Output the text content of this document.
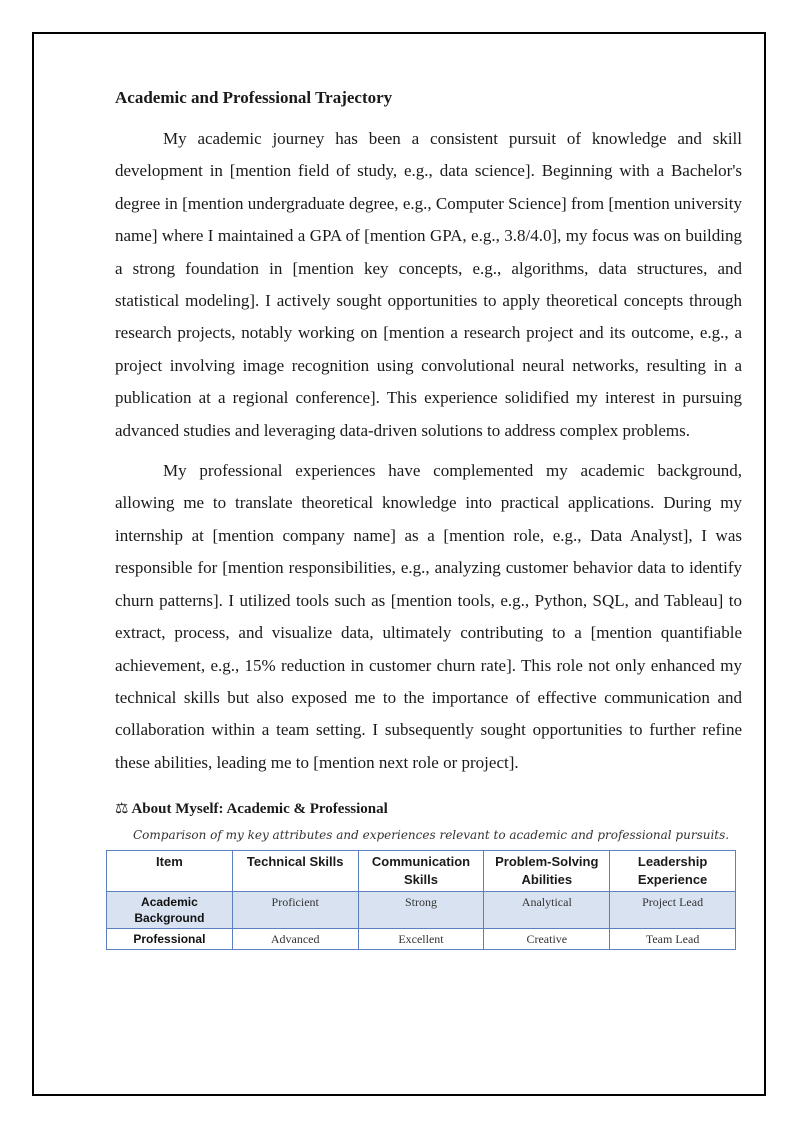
Academic and Professional Trajectory

My academic journey has been a consistent pursuit of knowledge and skill development in [mention field of study, e.g., data science]. Beginning with a Bachelor's degree in [mention undergraduate degree, e.g., Computer Science] from [mention university name] where I maintained a GPA of [mention GPA, e.g., 3.8/4.0], my focus was on building a strong foundation in [mention key concepts, e.g., algorithms, data structures, and statistical modeling]. I actively sought opportunities to apply theoretical concepts through research projects, notably working on [mention a research project and its outcome, e.g., a project involving image recognition using convolutional neural networks, resulting in a publication at a regional conference]. This experience solidified my interest in pursuing advanced studies and leveraging data-driven solutions to address complex problems.

My professional experiences have complemented my academic background, allowing me to translate theoretical knowledge into practical applications. During my internship at [mention company name] as a [mention role, e.g., Data Analyst], I was responsible for [mention responsibilities, e.g., analyzing customer behavior data to identify churn patterns]. I utilized tools such as [mention tools, e.g., Python, SQL, and Tableau] to extract, process, and visualize data, ultimately contributing to a [mention quantifiable achievement, e.g., 15% reduction in customer churn rate]. This role not only enhanced my technical skills but also exposed me to the importance of effective communication and collaboration within a team setting. I subsequently sought opportunities to further refine these abilities, leading me to [mention next role or project].

⚖ About Myself: Academic & Professional
Comparison of my key attributes and experiences relevant to academic and professional pursuits.
Item	Technical Skills	Communication Skills	Problem-Solving Abilities	Leadership Experience
Academic Background	Proficient	Strong	Analytical	Project Lead
Professional	Advanced	Excellent	Creative	Team Lead
